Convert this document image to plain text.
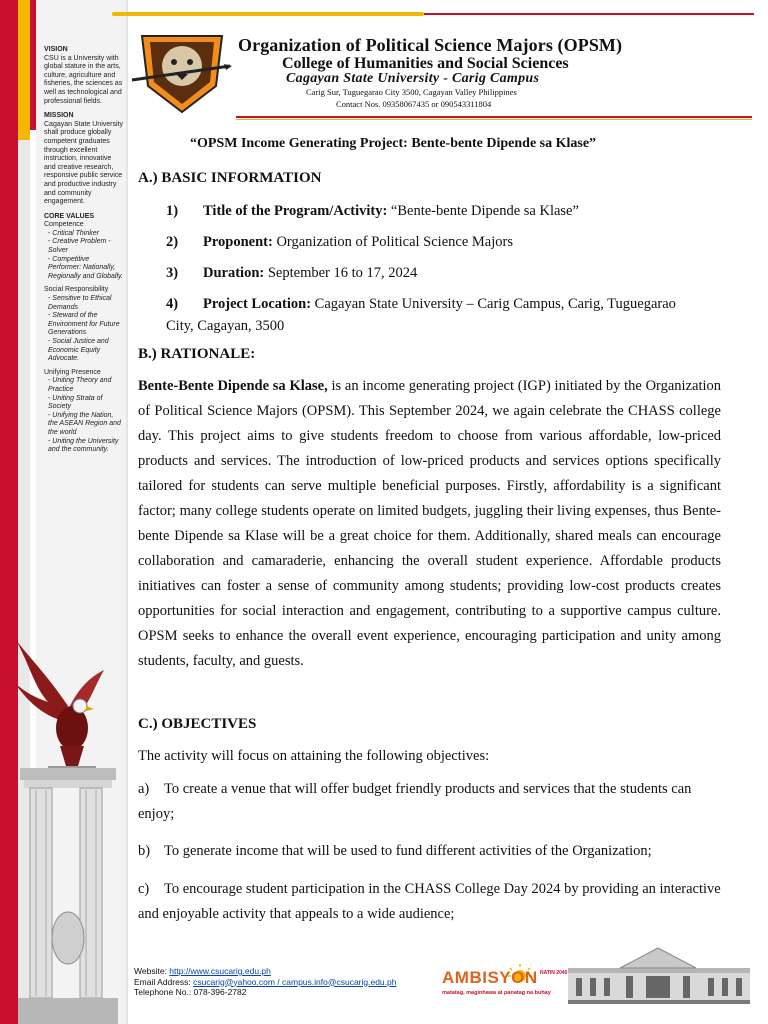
VISION
CSU is a University with global stature in the arts, culture, agriculture and fisheries, the sciences as well as technological and professional fields.
MISSION
Cagayan State University shall produce globally competent graduates through excellent instruction, innovative and creative research, responsive public service and productive industry and community engagement.
CORE VALUES
Competence
- Critical Thinker
- Creative Problem -Solver
- Competitive Performer: Nationally, Regionally and Globally.
Social Responsibility
- Sensitive to Ethical Demands
- Steward of the Environment for Future Generations
- Social Justice and Economic Equity Advocate.
Unifying Presence
- Uniting Theory and Practice
- Uniting Strata of Society
- Unifying the Nation, the ASEAN Region and the world
- Uniting the University and the community.
Organization of Political Science Majors (OPSM)
College of Humanities and Social Sciences
Cagayan State University - Carig Campus
Carig Sur, Tuguegarao City 3500, Cagayan Valley Philippines
Contact Nos. 09358067435 or 090543311804
“OPSM Income Generating Project: Bente-bente Dipende sa Klase”
A.) BASIC INFORMATION
1) Title of the Program/Activity: “Bente-bente Dipende sa Klase”
2) Proponent: Organization of Political Science Majors
3) Duration: September 16 to 17, 2024
4) Project Location: Cagayan State University – Carig Campus, Carig, Tuguegarao
City, Cagayan, 3500
B.) RATIONALE:
Bente-Bente Dipende sa Klase, is an income generating project (IGP) initiated by the Organization of Political Science Majors (OPSM). This September 2024, we again celebrate the CHASS college day. This project aims to give students freedom to choose from various affordable, low-priced products and services. The introduction of low-priced products and services options specifically tailored for students can serve multiple beneficial purposes. Firstly, affordability is a significant factor; many college students operate on limited budgets, juggling their living expenses, thus Bente-bente Dipende sa Klase will be a great choice for them. Additionally, shared meals can encourage collaboration and camaraderie, enhancing the overall student experience. Affordable products initiatives can foster a sense of community among students; providing low-cost products creates opportunities for social interaction and engagement, contributing to a supportive campus culture. OPSM seeks to enhance the overall event experience, encouraging participation and unity among students, faculty, and guests.
C.) OBJECTIVES
The activity will focus on attaining the following objectives:
a) To create a venue that will offer budget friendly products and services that the students can enjoy;
b) To generate income that will be used to fund different activities of the Organization;
c) To encourage student participation in the CHASS College Day 2024 by providing an interactive and enjoyable activity that appeals to a wide audience;
Website: http://www.csucarig.edu.ph
Email Address: csucarig@yahoo.com / campus.info@csucarig.edu.ph
Telephone No.: 078-396-2782
NATIN 2040
AMBISYON
matatag, maginhawa at panatag na buhay
